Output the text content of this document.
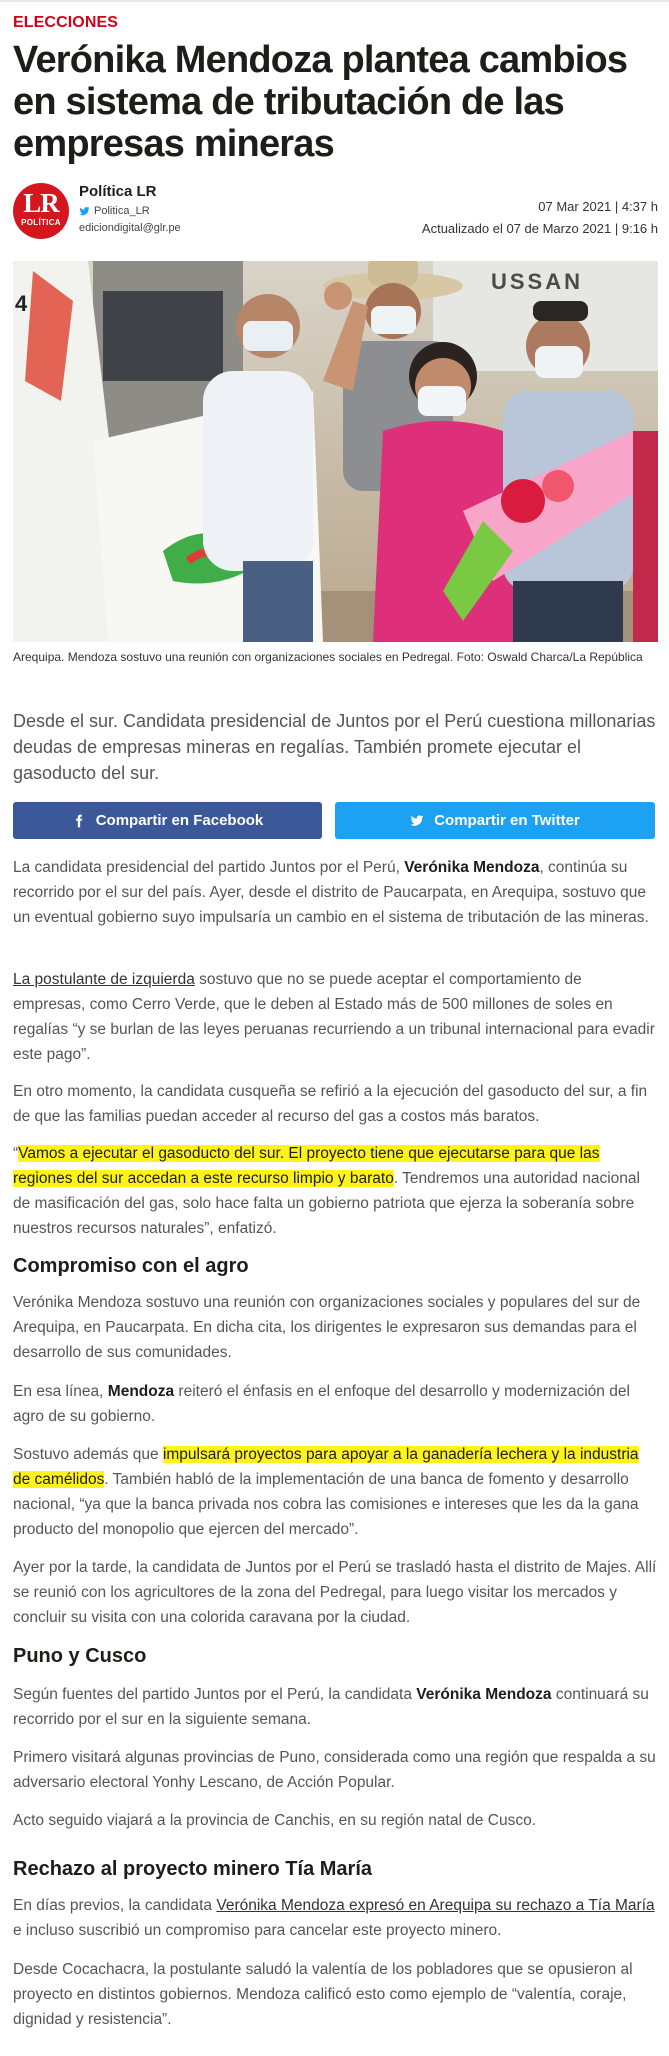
ELECCIONES
Verónika Mendoza plantea cambios en sistema de tributación de las empresas mineras
LR
POLÍTICA
Política LR
Politica_LR
ediciondigital@glr.pe
07 Mar 2021 | 4:37 h
Actualizado el 07 de Marzo 2021 | 9:16 h
USSAN
4
Arequipa. Mendoza sostuvo una reunión con organizaciones sociales en Pedregal. Foto: Oswald Charca/La República
Desde el sur. Candidata presidencial de Juntos por el Perú cuestiona millonarias deudas de empresas mineras en regalías. También promete ejecutar el gasoducto del sur.
Compartir en Facebook	Compartir en Twitter

La candidata presidencial del partido Juntos por el Perú, Verónika Mendoza, continúa su recorrido por el sur del país. Ayer, desde el distrito de Paucarpata, en Arequipa, sostuvo que un eventual gobierno suyo impulsaría un cambio en el sistema de tributación de las mineras.

La postulante de izquierda sostuvo que no se puede aceptar el comportamiento de empresas, como Cerro Verde, que le deben al Estado más de 500 millones de soles en regalías “y se burlan de las leyes peruanas recurriendo a un tribunal internacional para evadir este pago”.

En otro momento, la candidata cusqueña se refirió a la ejecución del gasoducto del sur, a fin de que las familias puedan acceder al recurso del gas a costos más baratos.

“Vamos a ejecutar el gasoducto del sur. El proyecto tiene que ejecutarse para que las regiones del sur accedan a este recurso limpio y barato. Tendremos una autoridad nacional de masificación del gas, solo hace falta un gobierno patriota que ejerza la soberanía sobre nuestros recursos naturales”, enfatizó.

Compromiso con el agro

Verónika Mendoza sostuvo una reunión con organizaciones sociales y populares del sur de Arequipa, en Paucarpata. En dicha cita, los dirigentes le expresaron sus demandas para el desarrollo de sus comunidades.

En esa línea, Mendoza reiteró el énfasis en el enfoque del desarrollo y modernización del agro de su gobierno.

Sostuvo además que impulsará proyectos para apoyar a la ganadería lechera y la industria de camélidos. También habló de la implementación de una banca de fomento y desarrollo nacional, “ya que la banca privada nos cobra las comisiones e intereses que les da la gana producto del monopolio que ejercen del mercado”.

Ayer por la tarde, la candidata de Juntos por el Perú se trasladó hasta el distrito de Majes. Allí se reunió con los agricultores de la zona del Pedregal, para luego visitar los mercados y concluir su visita con una colorida caravana por la ciudad.

Puno y Cusco

Según fuentes del partido Juntos por el Perú, la candidata Verónika Mendoza continuará su recorrido por el sur en la siguiente semana.

Primero visitará algunas provincias de Puno, considerada como una región que respalda a su adversario electoral Yonhy Lescano, de Acción Popular.

Acto seguido viajará a la provincia de Canchis, en su región natal de Cusco.

Rechazo al proyecto minero Tía María

En días previos, la candidata Verónika Mendoza expresó en Arequipa su rechazo a Tía María e incluso suscribió un compromiso para cancelar este proyecto minero.

Desde Cocachacra, la postulante saludó la valentía de los pobladores que se opusieron al proyecto en distintos gobiernos. Mendoza calificó esto como ejemplo de “valentía, coraje, dignidad y resistencia”.
